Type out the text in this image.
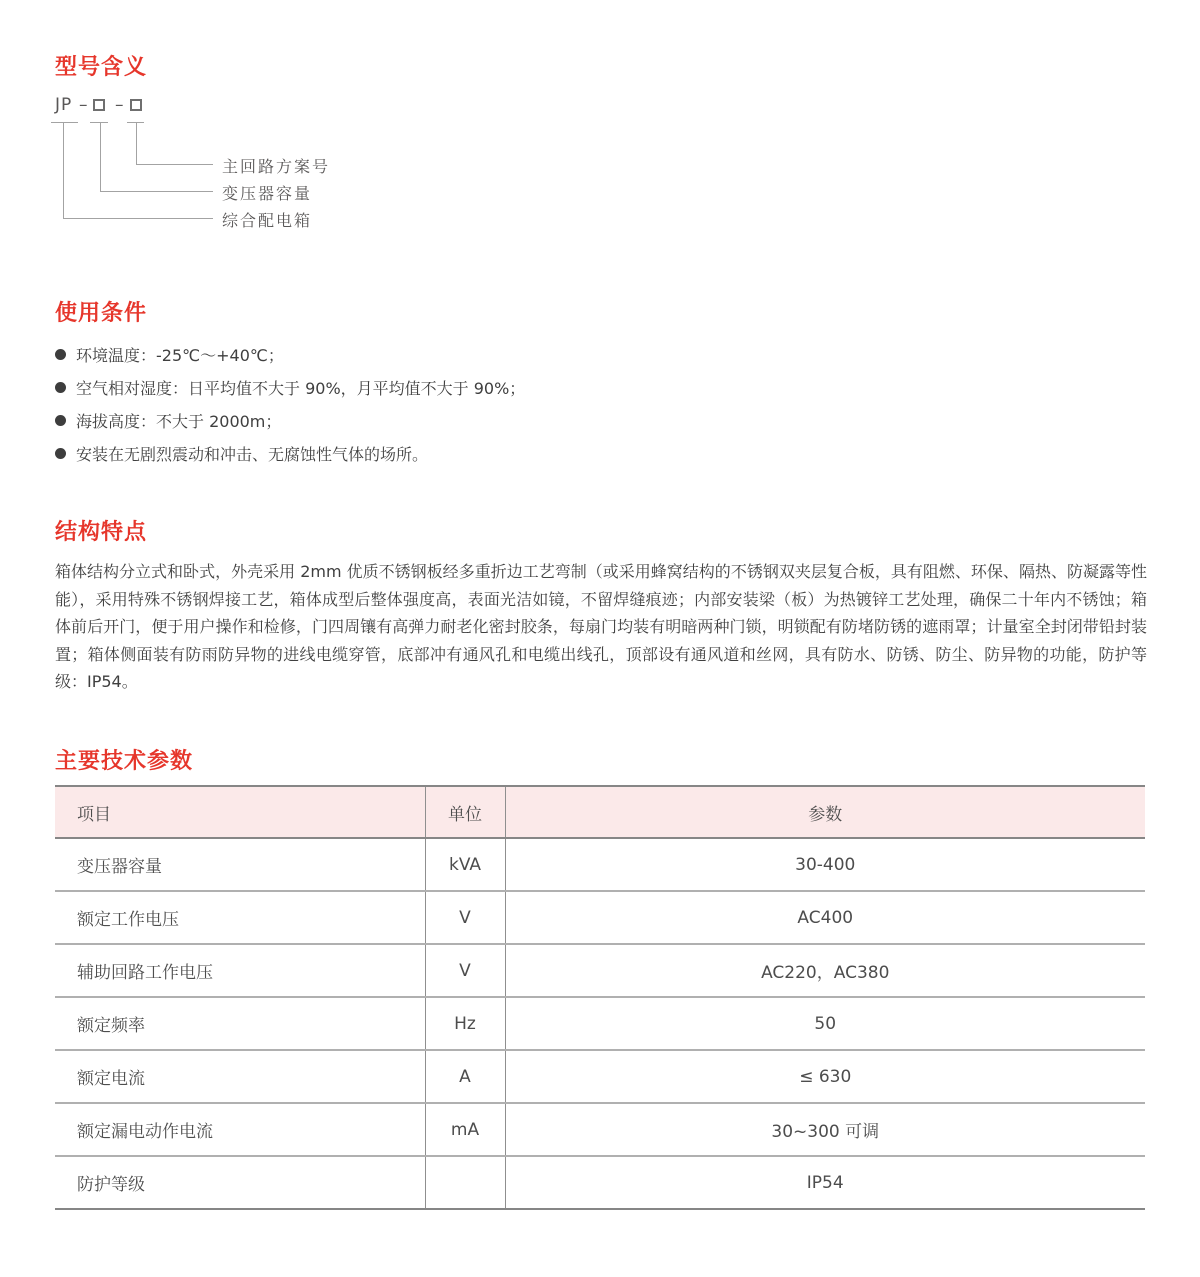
型号含义
JP – –
主回路方案号
变压器容量
综合配电箱
使用条件
环境温度：-25℃～+40℃；
空气相对湿度：日平均值不大于 90%，月平均值不大于 90%；
海拔高度：不大于 2000m；
安装在无剧烈震动和冲击、无腐蚀性气体的场所。
结构特点

箱体结构分立式和卧式，外壳采用 2mm 优质不锈钢板经多重折边工艺弯制（或采用蜂窝结构的不锈钢双夹层复合板，具有阻燃、环保、隔热、防凝露等性能），采用特殊不锈钢焊接工艺，箱体成型后整体强度高，表面光洁如镜，不留焊缝痕迹；内部安装梁（板）为热镀锌工艺处理，确保二十年内不锈蚀；箱体前后开门，便于用户操作和检修，门四周镶有高弹力耐老化密封胶条，每扇门均装有明暗两种门锁，明锁配有防堵防锈的遮雨罩；计量室全封闭带铅封装置；箱体侧面装有防雨防异物的进线电缆穿管，底部冲有通风孔和电缆出线孔，顶部设有通风道和丝网，具有防水、防锈、防尘、防异物的功能，防护等级：IP54。

主要技术参数
项目	单位	参数
变压器容量	kVA	30-400
额定工作电压	V	AC400
辅助回路工作电压	V	AC220，AC380
额定频率	Hz	50
额定电流	A	≤ 630
额定漏电动作电流	mA	30~300 可调
防护等级		IP54
